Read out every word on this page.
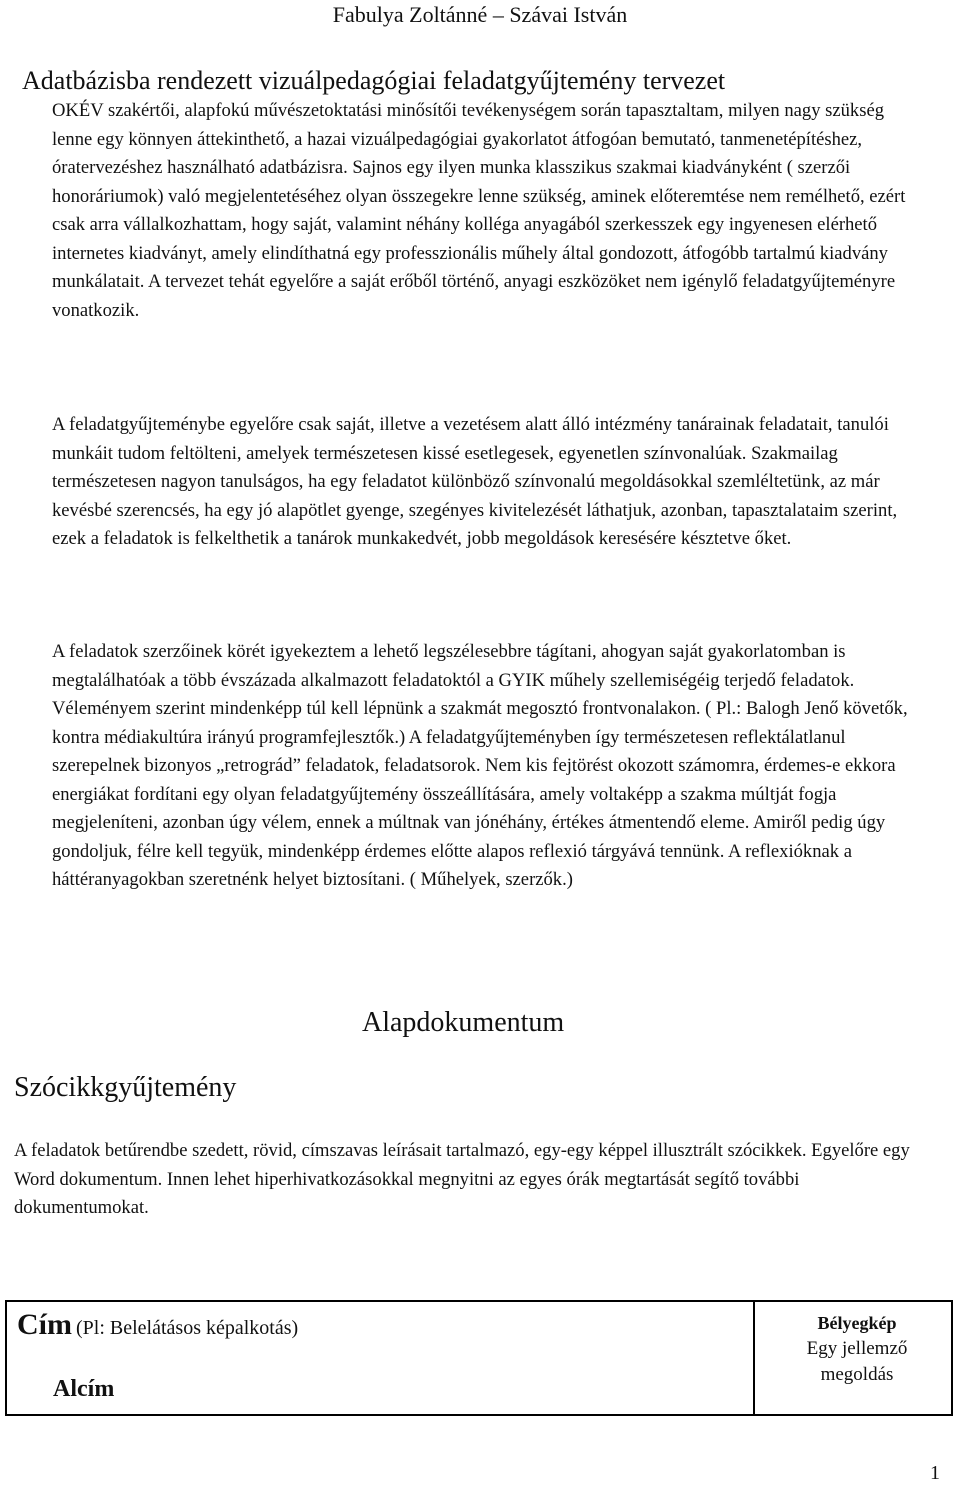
Fabulya Zoltánné – Szávai István
Adatbázisba rendezett vizuálpedagógiai feladatgyűjtemény tervezet
OKÉV szakértői, alapfokú művészetoktatási minősítői tevékenységem során tapasztaltam, milyen nagy szükség lenne egy könnyen áttekinthető, a hazai vizuálpedagógiai gyakorlatot átfogóan bemutató, tanmenetépítéshez, óratervezéshez használható adatbázisra. Sajnos egy ilyen munka klasszikus szakmai kiadványként ( szerzői honoráriumok) való megjelentetéséhez olyan összegekre lenne szükség, aminek előteremtése nem remélhető, ezért csak arra vállalkozhattam, hogy saját, valamint néhány kolléga anyagából szerkesszek egy ingyenesen elérhető internetes kiadványt, amely elindíthatná egy professzionális műhely által gondozott, átfogóbb tartalmú kiadvány munkálatait. A tervezet tehát egyelőre a saját erőből történő, anyagi eszközöket nem igénylő feladatgyűjteményre vonatkozik.
A feladatgyűjteménybe egyelőre csak saját, illetve a vezetésem alatt álló intézmény tanárainak feladatait, tanulói munkáit tudom feltölteni, amelyek természetesen kissé esetlegesek, egyenetlen színvonalúak. Szakmailag természetesen nagyon tanulságos, ha egy feladatot különböző színvonalú megoldásokkal szemléltetünk, az már kevésbé szerencsés, ha egy jó alapötlet gyenge, szegényes kivitelezését láthatjuk, azonban, tapasztalataim szerint, ezek a feladatok is felkelthetik a tanárok munkakedvét, jobb megoldások keresésére késztetve őket.
A feladatok szerzőinek körét igyekeztem a lehető legszélesebbre tágítani, ahogyan saját gyakorlatomban is megtalálhatóak a több évszázada alkalmazott feladatoktól a GYIK műhely szellemiségéig terjedő feladatok. Véleményem szerint mindenképp túl kell lépnünk a szakmát megosztó frontvonalakon. ( Pl.: Balogh Jenő követők, kontra médiakultúra irányú programfejlesztők.) A feladatgyűjteményben így természetesen reflektálatlanul szerepelnek bizonyos „retrográd” feladatok, feladatsorok. Nem kis fejtörést okozott számomra, érdemes-e ekkora energiákat fordítani egy olyan feladatgyűjtemény összeállítására, amely voltaképp a szakma múltját fogja megjeleníteni, azonban úgy vélem, ennek a múltnak van jónéhány, értékes átmentendő eleme. Amiről pedig úgy gondoljuk, félre kell tegyük, mindenképp érdemes előtte alapos reflexió tárgyává tennünk. A reflexióknak a háttéranyagokban szeretnénk helyet biztosítani. ( Műhelyek, szerzők.)
Alapdokumentum
Szócikkgyűjtemény
A feladatok betűrendbe szedett, rövid, címszavas leírásait tartalmazó, egy-egy képpel illusztrált szócikkek. Egyelőre egy Word dokumentum. Innen lehet hiperhivatkozásokkal megnyitni az egyes órák megtartását segítő további dokumentumokat.
Cím (Pl: Belelátásos képalkotás)
Alcím
Bélyegkép
Egy jellemző
megoldás
1
